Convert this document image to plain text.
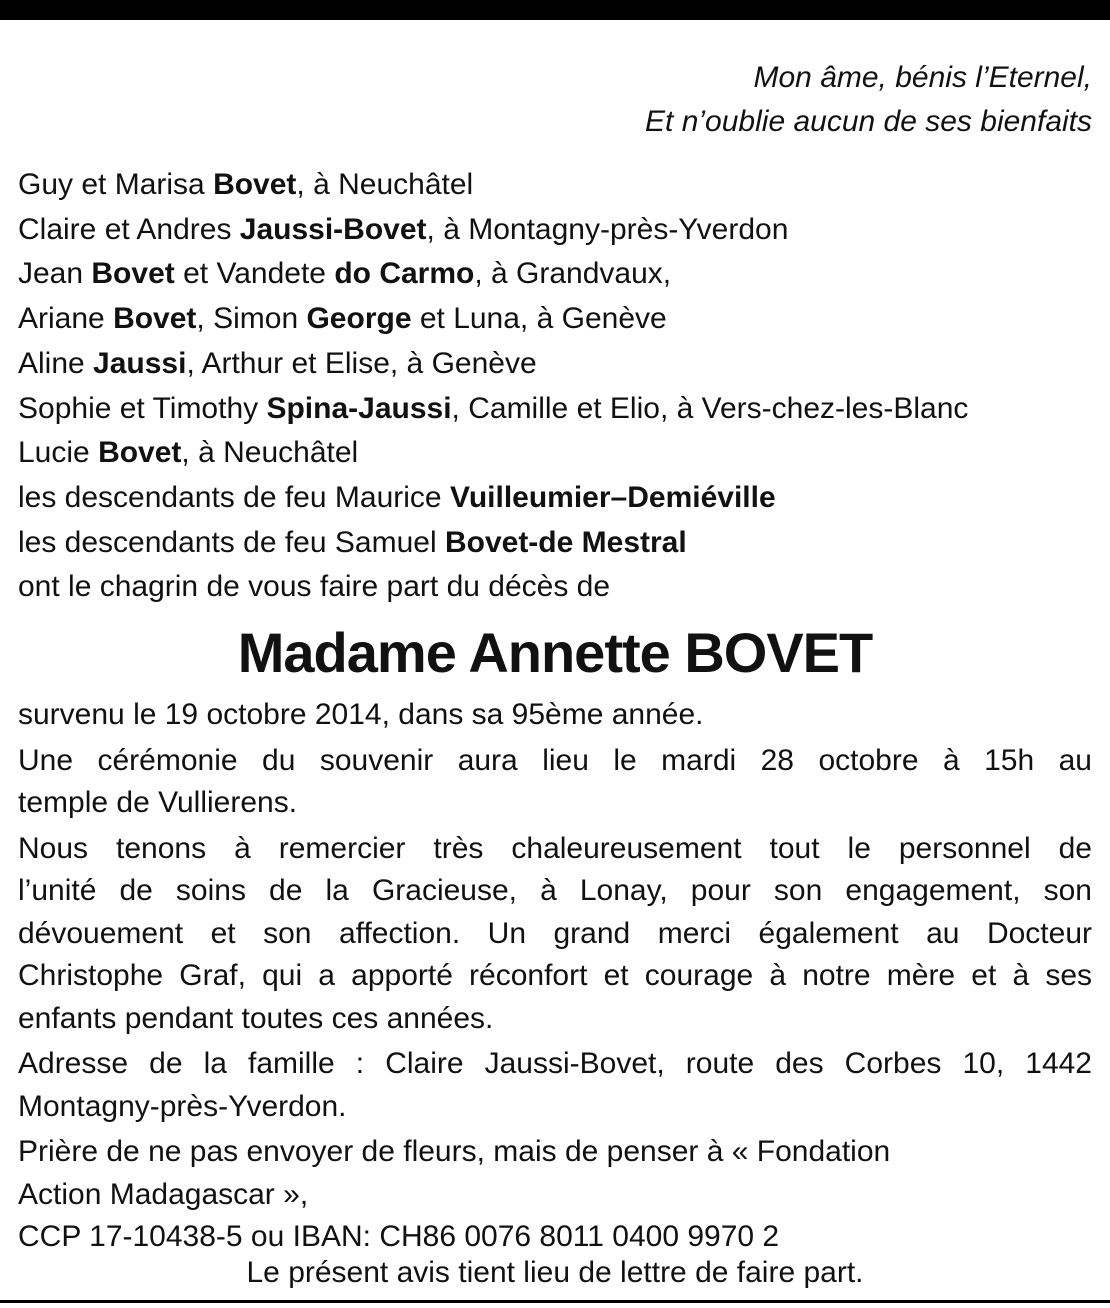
Mon âme, bénis l’Eternel,
Et n’oublie aucun de ses bienfaits
Guy et Marisa Bovet, à Neuchâtel
Claire et Andres Jaussi-Bovet, à Montagny-près-Yverdon
Jean Bovet et Vandete do Carmo, à Grandvaux,
Ariane Bovet, Simon George et Luna, à Genève
Aline Jaussi, Arthur et Elise, à Genève
Sophie et Timothy Spina-Jaussi, Camille et Elio, à Vers-chez-les-Blanc
Lucie Bovet, à Neuchâtel
les descendants de feu Maurice Vuilleumier–Demiéville
les descendants de feu Samuel Bovet-de Mestral
ont le chagrin de vous faire part du décès de
Madame Annette BOVET
survenu le 19 octobre 2014, dans sa 95ème année.
Une cérémonie du souvenir aura lieu le mardi 28 octobre à 15h au
temple de Vullierens.
Nous tenons à remercier très chaleureusement tout le personnel de
l’unité de soins de la Gracieuse, à Lonay, pour son engagement, son
dévouement et son affection. Un grand merci également au Docteur
Christophe Graf, qui a apporté réconfort et courage à notre mère et à ses
enfants pendant toutes ces années.
Adresse de la famille : Claire Jaussi-Bovet, route des Corbes 10, 1442
Montagny-près-Yverdon.
Prière de ne pas envoyer de fleurs, mais de penser à « Fondation
Action Madagascar »,
CCP 17-10438-5 ou IBAN: CH86 0076 8011 0400 9970 2
Le présent avis tient lieu de lettre de faire part.
